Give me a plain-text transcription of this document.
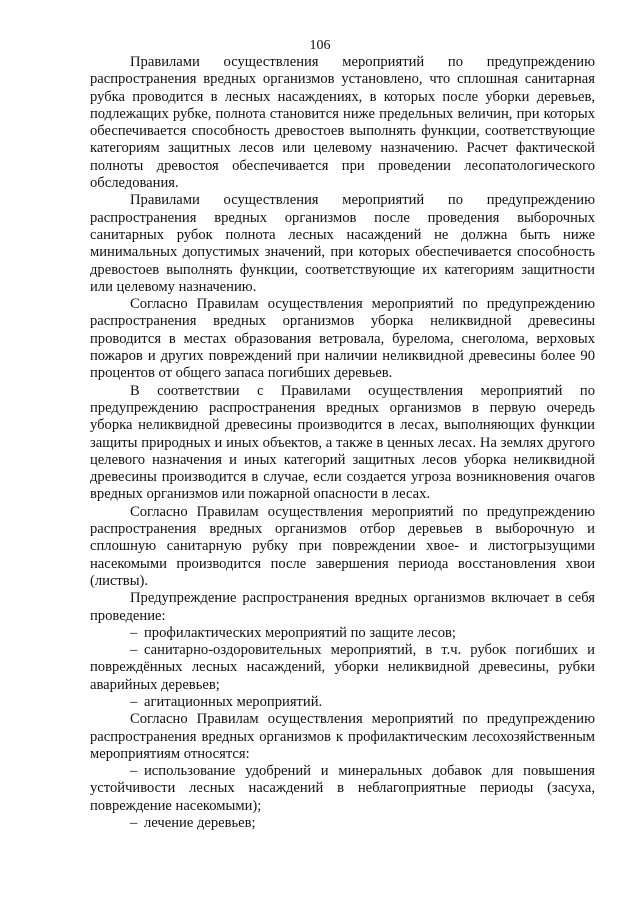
106

Правилами осуществления мероприятий по предупреждению распространения вредных организмов установлено, что сплошная санитарная рубка проводится в лесных насаждениях, в которых после уборки деревьев, подлежащих рубке, полнота становится ниже предельных величин, при которых обеспечивается способность древостоев выполнять функции, соответствующие категориям защитных лесов или целевому назначению. Расчет фактической полноты древостоя обеспечивается при проведении лесопатологического обследования.

Правилами осуществления мероприятий по предупреждению распространения вредных организмов после проведения выборочных санитарных рубок полнота лесных насаждений не должна быть ниже минимальных допустимых значений, при которых обеспечивается способность древостоев выполнять функции, соответствующие их категориям защитности или целевому назначению.

Согласно Правилам осуществления мероприятий по предупреждению распространения вредных организмов уборка неликвидной древесины проводится в местах образования ветровала, бурелома, снеголома, верховых пожаров и других повреждений при наличии неликвидной древесины более 90 процентов от общего запаса погибших деревьев.

В соответствии с Правилами осуществления мероприятий по предупреждению распространения вредных организмов в первую очередь уборка неликвидной древесины производится в лесах, выполняющих функции защиты природных и иных объектов, а также в ценных лесах. На землях другого целевого назначения и иных категорий защитных лесов уборка неликвидной древесины производится в случае, если создается угроза возникновения очагов вредных организмов или пожарной опасности в лесах.

Согласно Правилам осуществления мероприятий по предупреждению распространения вредных организмов отбор деревьев в выборочную и сплошную санитарную рубку при повреждении хвое- и листогрызущими насекомыми производится после завершения периода восстановления хвои (листвы).

Предупреждение распространения вредных организмов включает в себя проведение:

– профилактических мероприятий по защите лесов;

– санитарно-оздоровительных мероприятий, в т.ч. рубок погибших и повреждённых лесных насаждений, уборки неликвидной древесины, рубки аварийных деревьев;

– агитационных мероприятий.

Согласно Правилам осуществления мероприятий по предупреждению распространения вредных организмов к профилактическим лесохозяйственным мероприятиям относятся:

– использование удобрений и минеральных добавок для повышения устойчивости лесных насаждений в неблагоприятные периоды (засуха, повреждение насекомыми);

– лечение деревьев;
